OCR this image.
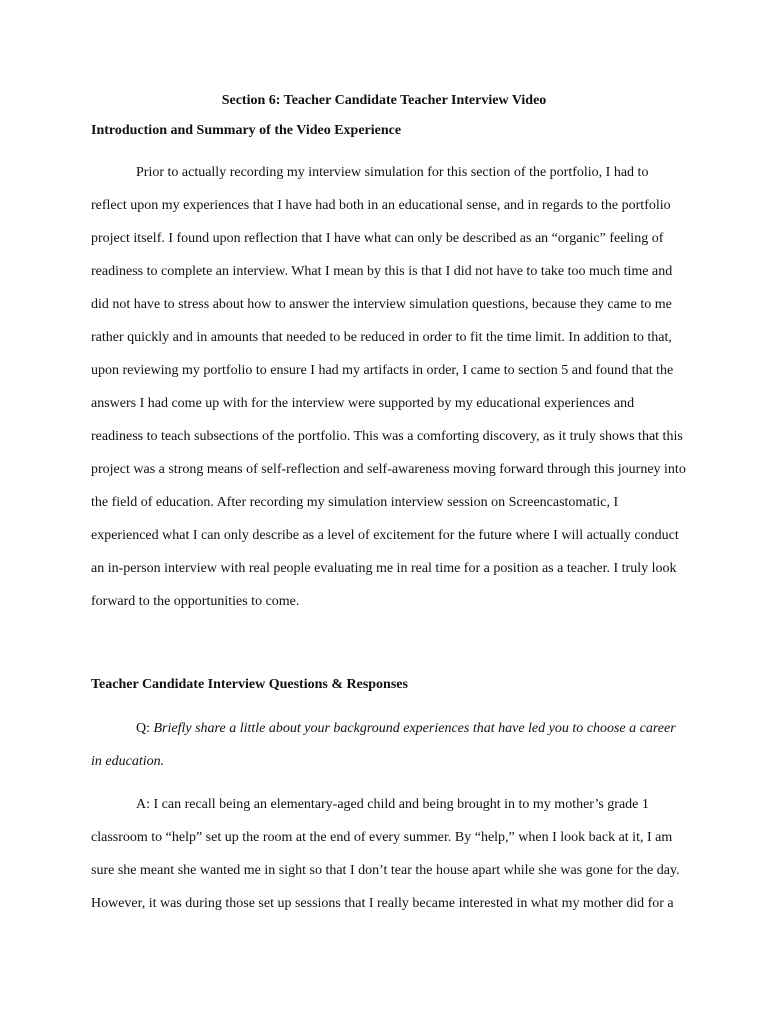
Section 6: Teacher Candidate Teacher Interview Video
Introduction and Summary of the Video Experience

Prior to actually recording my interview simulation for this section of the portfolio, I had to
reflect upon my experiences that I have had both in an educational sense, and in regards to the portfolio
project itself. I found upon reflection that I have what can only be described as an “organic” feeling of
readiness to complete an interview. What I mean by this is that I did not have to take too much time and
did not have to stress about how to answer the interview simulation questions, because they came to me
rather quickly and in amounts that needed to be reduced in order to fit the time limit. In addition to that,
upon reviewing my portfolio to ensure I had my artifacts in order, I came to section 5 and found that the
answers I had come up with for the interview were supported by my educational experiences and
readiness to teach subsections of the portfolio. This was a comforting discovery, as it truly shows that this
project was a strong means of self-reflection and self-awareness moving forward through this journey into
the field of education. After recording my simulation interview session on Screencastomatic, I
experienced what I can only describe as a level of excitement for the future where I will actually conduct
an in-person interview with real people evaluating me in real time for a position as a teacher. I truly look
forward to the opportunities to come.

Teacher Candidate Interview Questions & Responses

Q: Briefly share a little about your background experiences that have led you to choose a career
in education.

A: I can recall being an elementary-aged child and being brought in to my mother’s grade 1
classroom to “help” set up the room at the end of every summer. By “help,” when I look back at it, I am
sure she meant she wanted me in sight so that I don’t tear the house apart while she was gone for the day.
However, it was during those set up sessions that I really became interested in what my mother did for a
